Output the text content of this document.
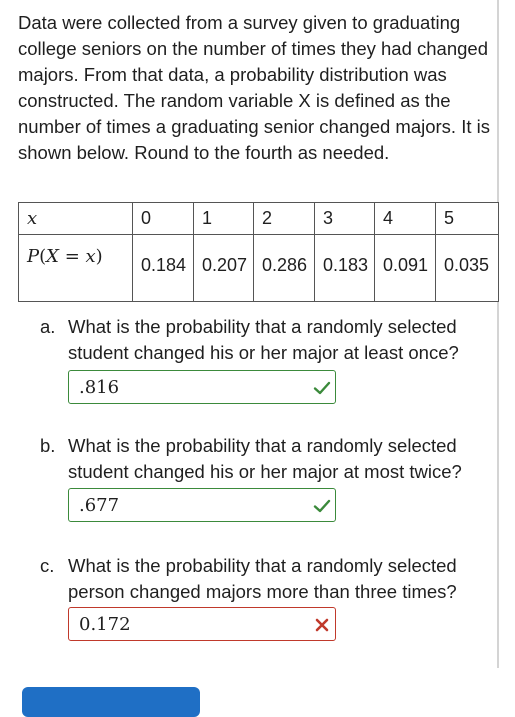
Data were collected from a survey given to graduating college seniors on the number of times they had changed majors. From that data, a probability distribution was constructed. The random variable X is defined as the number of times a graduating senior changed majors. It is shown below. Round to the fourth as needed.

x	0	1	2	3	4	5
P(X = x)	0.184	0.207	0.286	0.183	0.091	0.035
a. What is the probability that a randomly selected student changed his or her major at least once?
.816
b. What is the probability that a randomly selected student changed his or her major at most twice?
.677
c. What is the probability that a randomly selected person changed majors more than three times?
0.172
